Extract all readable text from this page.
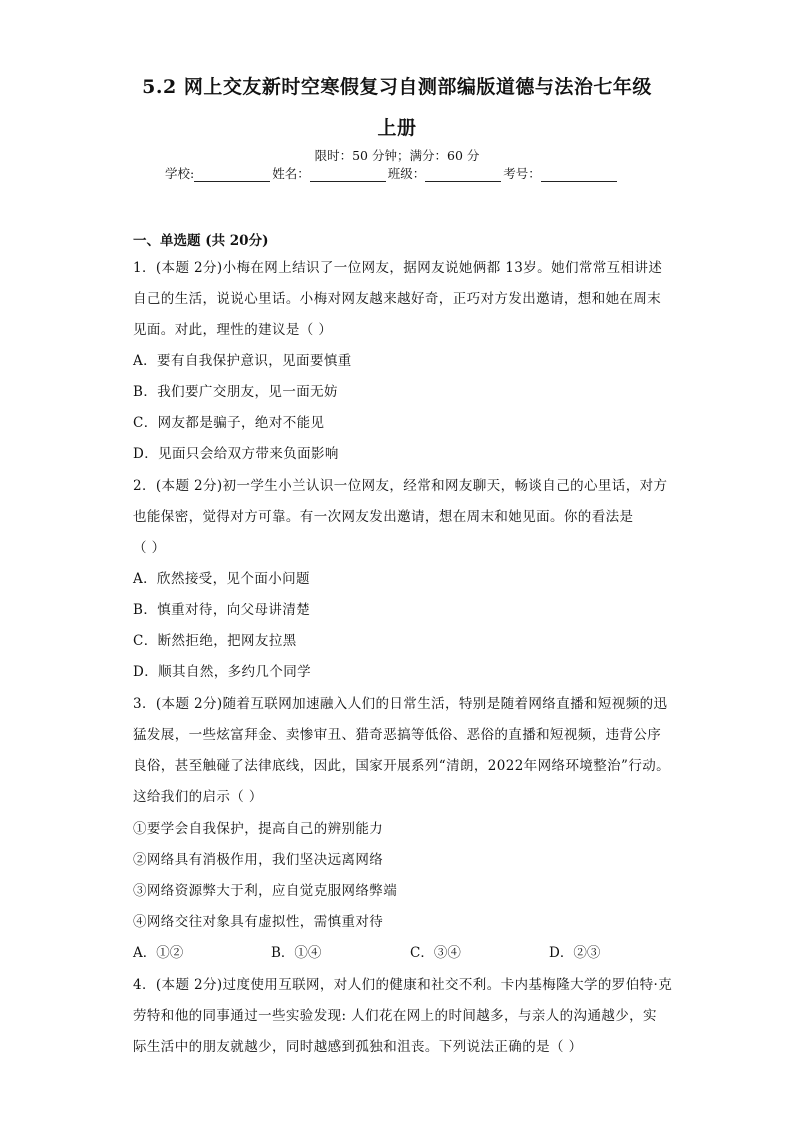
5.2 网上交友新时空寒假复习自测部编版道德与法治七年级
上册
限时：50 分钟；满分：60 分
学校:	姓名：	班级：	考号：
一、单选题 (共 20分)
1．(本题 2分)小梅在网上结识了一位网友，据网友说她俩都 13岁。她们常常互相讲述
自己的生活，说说心里话。小梅对网友越来越好奇，正巧对方发出邀请，想和她在周末
见面。对此，理性的建议是（ ）
A．要有自我保护意识，见面要慎重
B．我们要广交朋友，见一面无妨
C．网友都是骗子，绝对不能见
D．见面只会给双方带来负面影响
2．(本题 2分)初一学生小兰认识一位网友，经常和网友聊天，畅谈自己的心里话，对方
也能保密，觉得对方可靠。有一次网友发出邀请，想在周末和她见面。你的看法是
（ ）
A．欣然接受，见个面小问题
B．慎重对待，向父母讲清楚
C．断然拒绝，把网友拉黑
D．顺其自然，多约几个同学
3．(本题 2分)随着互联网加速融入人们的日常生活，特别是随着网络直播和短视频的迅
猛发展，一些炫富拜金、卖惨审丑、猎奇恶搞等低俗、恶俗的直播和短视频，违背公序
良俗，甚至触碰了法律底线，因此，国家开展系列“清朗，2022年网络环境整治”行动。
这给我们的启示（ ）
①要学会自我保护，提高自己的辨别能力
②网络具有消极作用，我们坚决远离网络
③网络资源弊大于利，应自觉克服网络弊端
④网络交往对象具有虚拟性，需慎重对待
A．①②	B．①④	C．③④	D．②③
4．(本题 2分)过度使用互联网，对人们的健康和社交不利。卡内基梅隆大学的罗伯特·克
劳特和他的同事通过一些实验发现: 人们花在网上的时间越多，与亲人的沟通越少，实
际生活中的朋友就越少，同时越感到孤独和沮丧。下列说法正确的是（ ）
